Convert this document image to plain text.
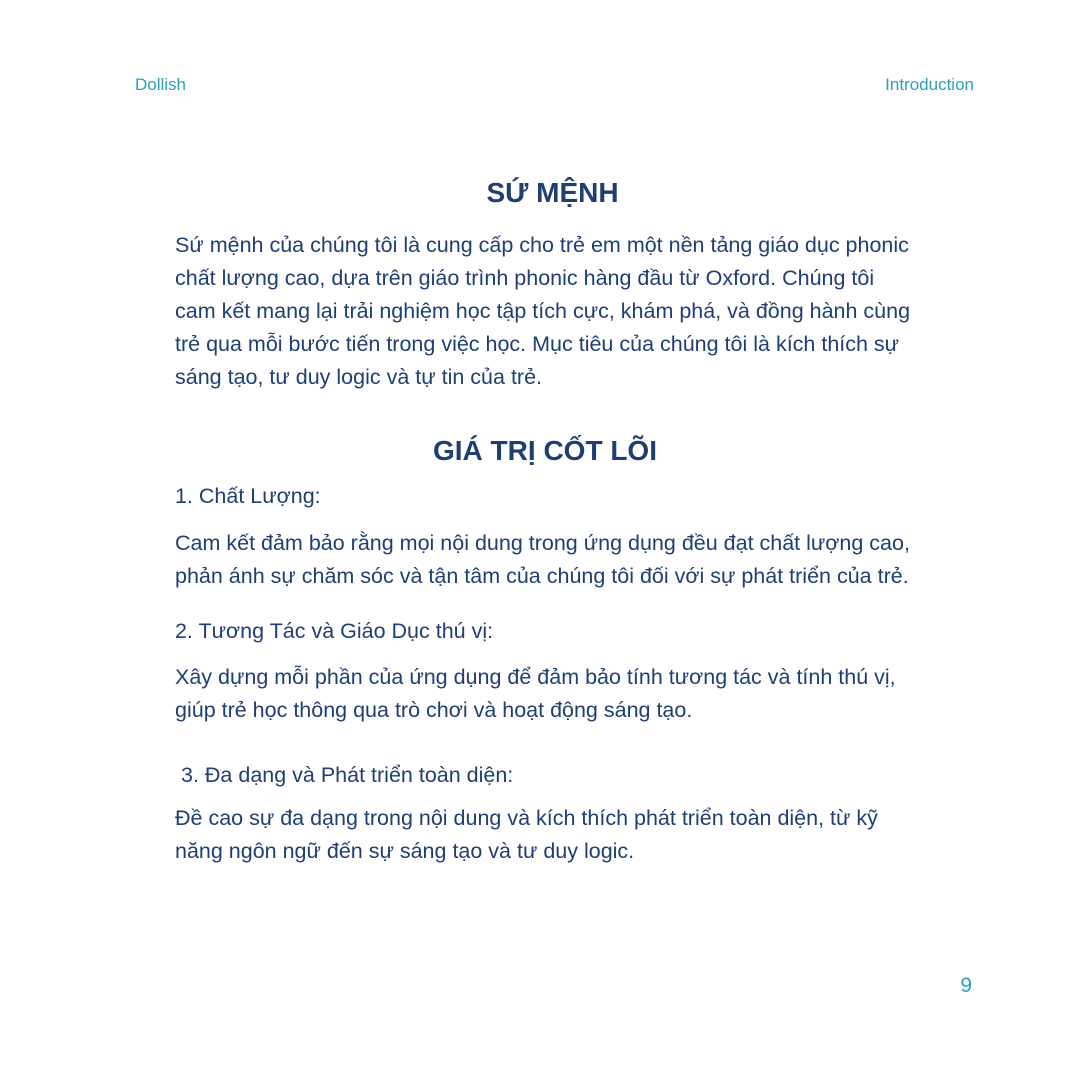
Dollish	Introduction
SỨ MỆNH

Sứ mệnh của chúng tôi là cung cấp cho trẻ em một nền tảng giáo dục phonic chất lượng cao, dựa trên giáo trình phonic hàng đầu từ Oxford. Chúng tôi cam kết mang lại trải nghiệm học tập tích cực, khám phá, và đồng hành cùng trẻ qua mỗi bước tiến trong việc học. Mục tiêu của chúng tôi là kích thích sự sáng tạo, tư duy logic và tự tin của trẻ.

GIÁ TRỊ CỐT LÕI

1. Chất Lượng:

Cam kết đảm bảo rằng mọi nội dung trong ứng dụng đều đạt chất lượng cao, phản ánh sự chăm sóc và tận tâm của chúng tôi đối với sự phát triển của trẻ.

2. Tương Tác và Giáo Dục thú vị:

Xây dựng mỗi phần của ứng dụng để đảm bảo tính tương tác và tính thú vị, giúp trẻ học thông qua trò chơi và hoạt động sáng tạo.

3. Đa dạng và Phát triển toàn diện:

Đề cao sự đa dạng trong nội dung và kích thích phát triển toàn diện, từ kỹ năng ngôn ngữ đến sự sáng tạo và tư duy logic.

9
